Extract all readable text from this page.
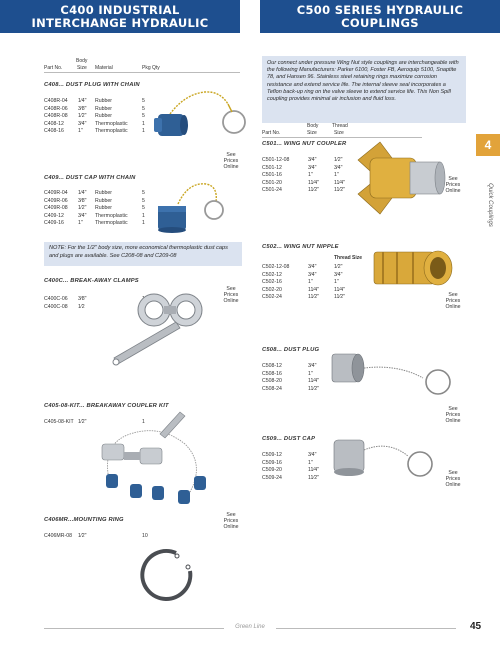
C400 INDUSTRIAL
INTERCHANGE HYDRAULIC
C500 SERIES HYDRAULIC
COUPLINGS
Body
Part No.	Size Material	Pkg Qty
C408... DUST PLUG WITH CHAIN
C408R-04 1⁄4" Rubber	5
C408R-06 3⁄8" Rubber	5
C408R-08 1⁄2" Rubber	5
C408-12	3⁄4" Thermoplastic	1
C408-16	1" Thermoplastic	1
See
Prices
Online
C409... DUST CAP WITH CHAIN
C409R-04 1⁄4" Rubber	5
C409R-06 3⁄8" Rubber	5
C409R-08 1⁄2" Rubber	5
C409-12	3⁄4" Thermoplastic	1
C409-16	1" Thermoplastic	1
NOTE: For the 1/2" body size, more economical thermoplastic dust caps and plugs are available. See C208-08 and C209-08
C400C... BREAK-AWAY CLAMPS
C400C-06 3⁄8"
C400C-08 1⁄2
See
Prices
Online
C405-08-KIT... BREAKAWAY COUPLER KIT
C405-08-KIT 1⁄2"	1
C406MR...MOUNTING RING
C406MR-08 1⁄2"	10
See
Prices
Online
Our connect under pressure Wing Nut style couplings are interchangeable with the following Manufacturers: Parker 6100, Foster FB, Aeroquip 5100, Snaptite 78, and Hansen 96. Stainless steel retaining rings maximize corrosion resistance and extend service life. The internal sleeve seal incorporates a Teflon back-up ring on the valve sleeve to extend service life. This Non Spill coupling provides minimal air inclusion and fluid loss.
Body	Thread
Part No.	Size	Size
C501... WING NUT COUPLER
C501-12-08	3⁄4"	1⁄2"
C501-12	3⁄4"	3⁄4"
C501-16	1"	1"
C501-20	11⁄4"	11⁄4"
C501-24	11⁄2"	11⁄2"
See
Prices
Online
C502... WING NUT NIPPLE
Thread Size
C502-12-08	3⁄4"	1⁄2"
C502-12	3⁄4"	3⁄4"
C502-16	1"	1"
C502-20	11⁄4"	11⁄4"
C502-24	11⁄2"	11⁄2"	See
Prices
Online
C508... DUST PLUG
C508-12	3⁄4"
C508-16	1"
C508-20	11⁄4"
C508-24	11⁄2"
See
Prices
Online
C509... DUST CAP
C509-12	3⁄4"
C509-16	1"
C509-20	11⁄4"
C509-24	11⁄2"
See
Prices
Online
4
Quick Couplings
Green Line	45
